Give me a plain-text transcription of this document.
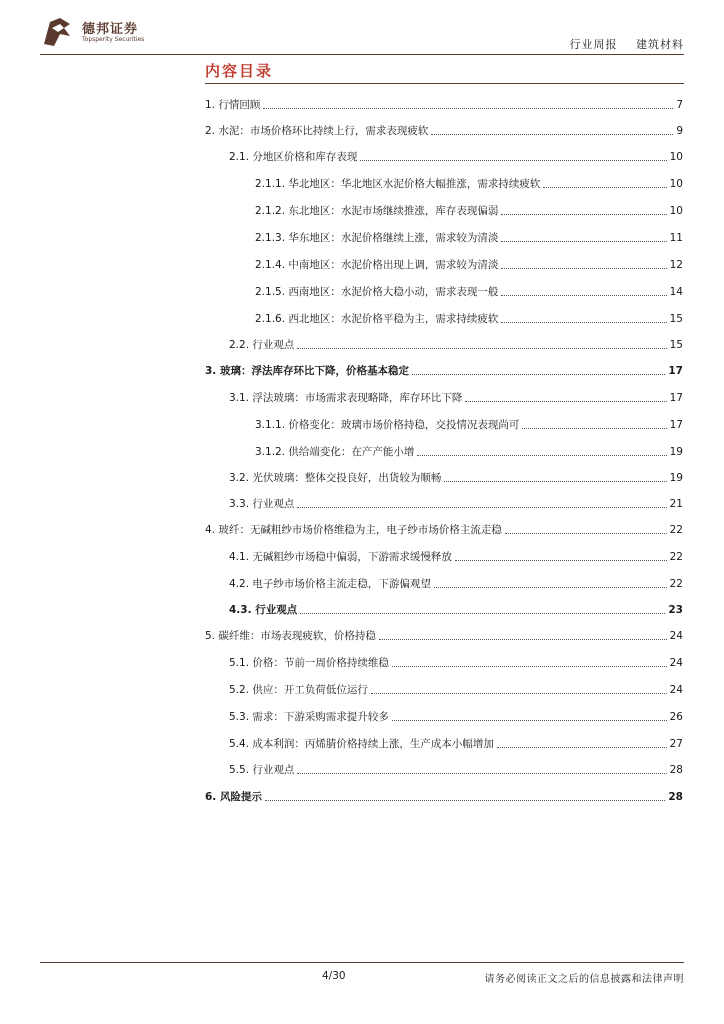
德邦证券
Topsperity Securities	行业周报 建筑材料
内容目录
1. 行情回顾	7
2. 水泥：市场价格环比持续上行，需求表现疲软	9
2.1. 分地区价格和库存表现	10
2.1.1. 华北地区：华北地区水泥价格大幅推涨，需求持续疲软	10
2.1.2. 东北地区：水泥市场继续推涨，库存表现偏弱	10
2.1.3. 华东地区：水泥价格继续上涨，需求较为清淡	11
2.1.4. 中南地区：水泥价格出现上调，需求较为清淡	12
2.1.5. 西南地区：水泥价格大稳小动，需求表现一般	14
2.1.6. 西北地区：水泥价格平稳为主，需求持续疲软	15
2.2. 行业观点	15
3. 玻璃：浮法库存环比下降，价格基本稳定	17
3.1. 浮法玻璃：市场需求表现略降，库存环比下降	17
3.1.1. 价格变化：玻璃市场价格持稳，交投情况表现尚可	17
3.1.2. 供给端变化：在产产能小增	19
3.2. 光伏玻璃：整体交投良好，出货较为顺畅	19
3.3. 行业观点	21
4. 玻纤：无碱粗纱市场价格维稳为主，电子纱市场价格主流走稳	22
4.1. 无碱粗纱市场稳中偏弱，下游需求缓慢释放	22
4.2. 电子纱市场价格主流走稳，下游偏观望	22
4.3. 行业观点	23
5. 碳纤维：市场表现疲软，价格持稳	24
5.1. 价格：节前一周价格持续维稳	24
5.2. 供应：开工负荷低位运行	24
5.3. 需求：下游采购需求提升较多	26
5.4. 成本利润：丙烯腈价格持续上涨，生产成本小幅增加	27
5.5. 行业观点	28
6. 风险提示	28
4/30	请务必阅读正文之后的信息披露和法律声明
